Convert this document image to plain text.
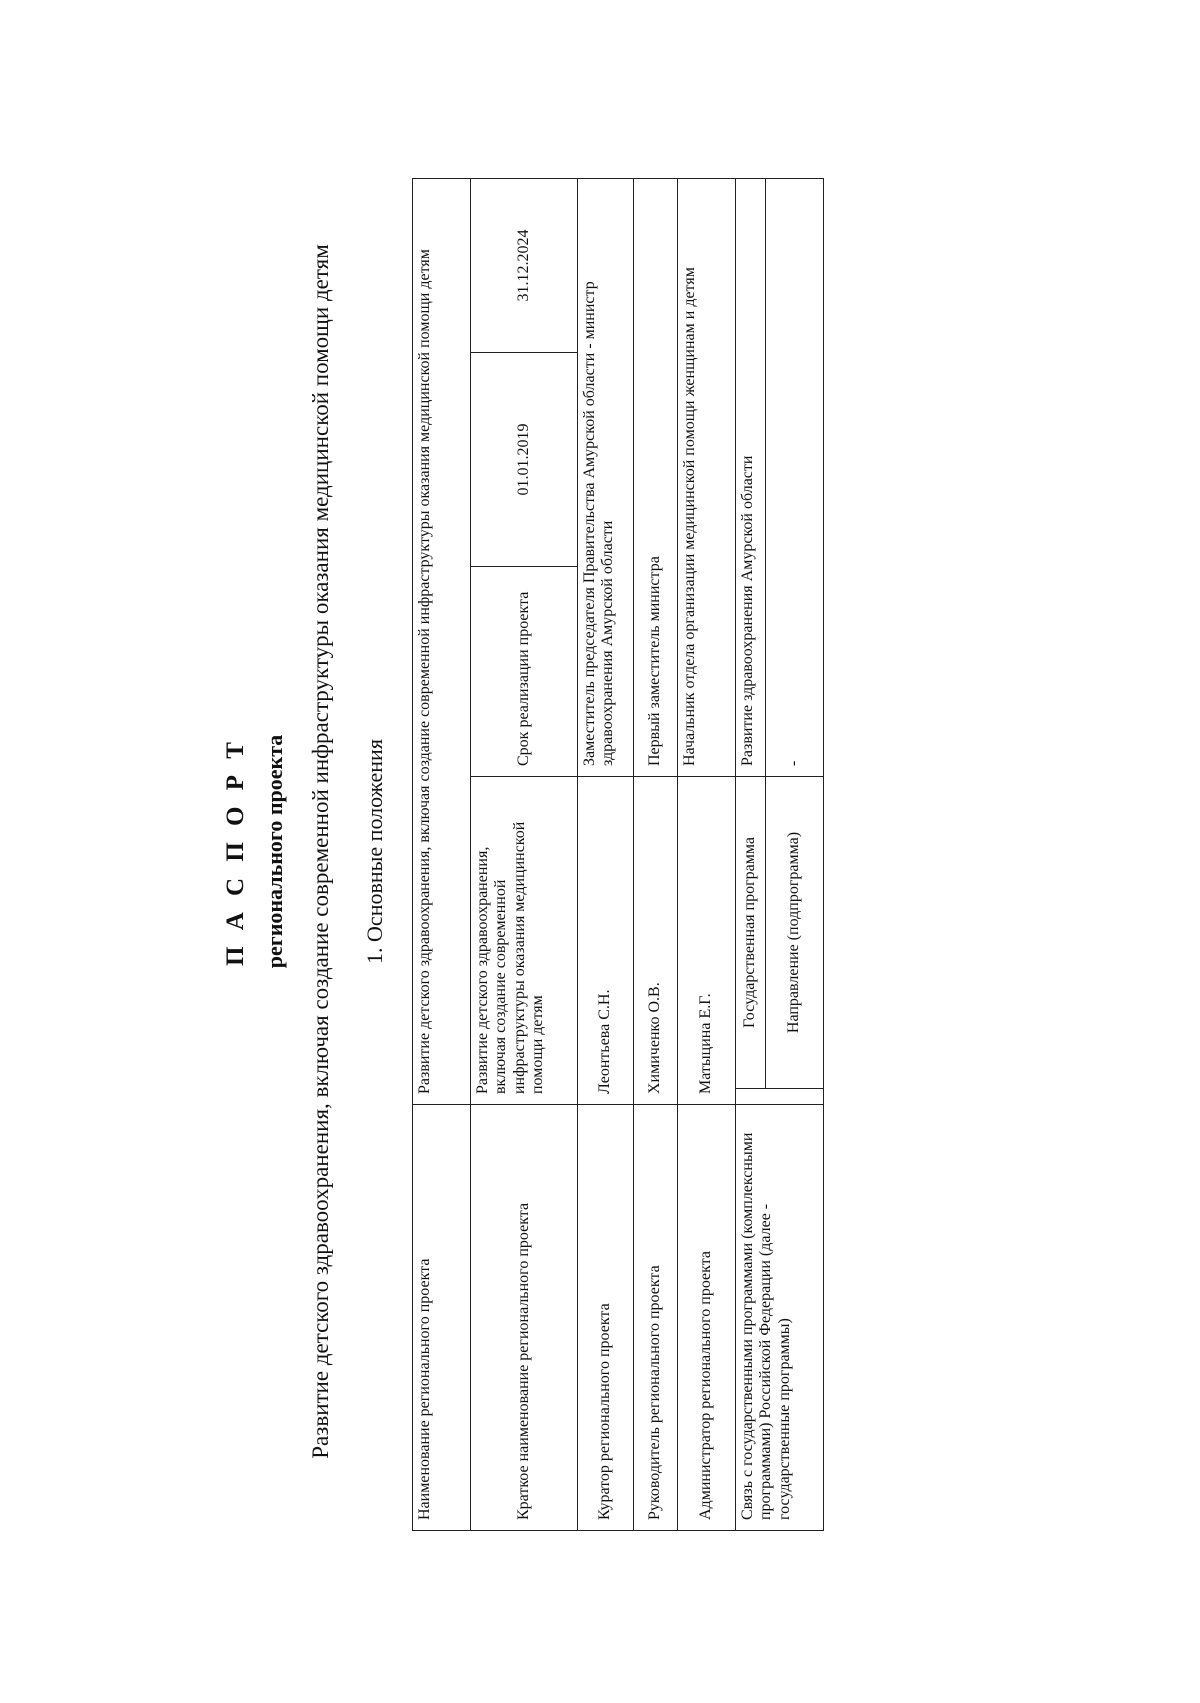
П А С П О Р Т регионального проекта Развитие детского здравоохранения, включая создание современной инфраструктуры оказания медицинской помощи детям 1. Основные положения
Наименование регионального проекта	Развитие детского здравоохранения, включая создание современной инфраструктуры оказания медицинской помощи детям				
Краткое наименование регионального проекта	Развитие детского здравоохранения, включая создание современной инфраструктуры оказания медицинской помощи детям		Срок реализации проекта	01.01.2019	31.12.2024
Куратор регионального проекта	Леонтьева С.Н.		Заместитель председателя Правительства Амурской области - министр здравоохранения Амурской области		
Руководитель регионального проекта	Химиченко О.В.		Первый заместитель министра		
Администратор регионального проекта	Матыцина Е.Г.		Начальник отдела организации медицинской помощи женщинам и детям		
Связь с государственными программами (комплексными программами) Российской Федерации (далее - государственные программы)		Государственная программа	Развитие здравоохранения Амурской области		
		Направление (подпрограмма)	-		
